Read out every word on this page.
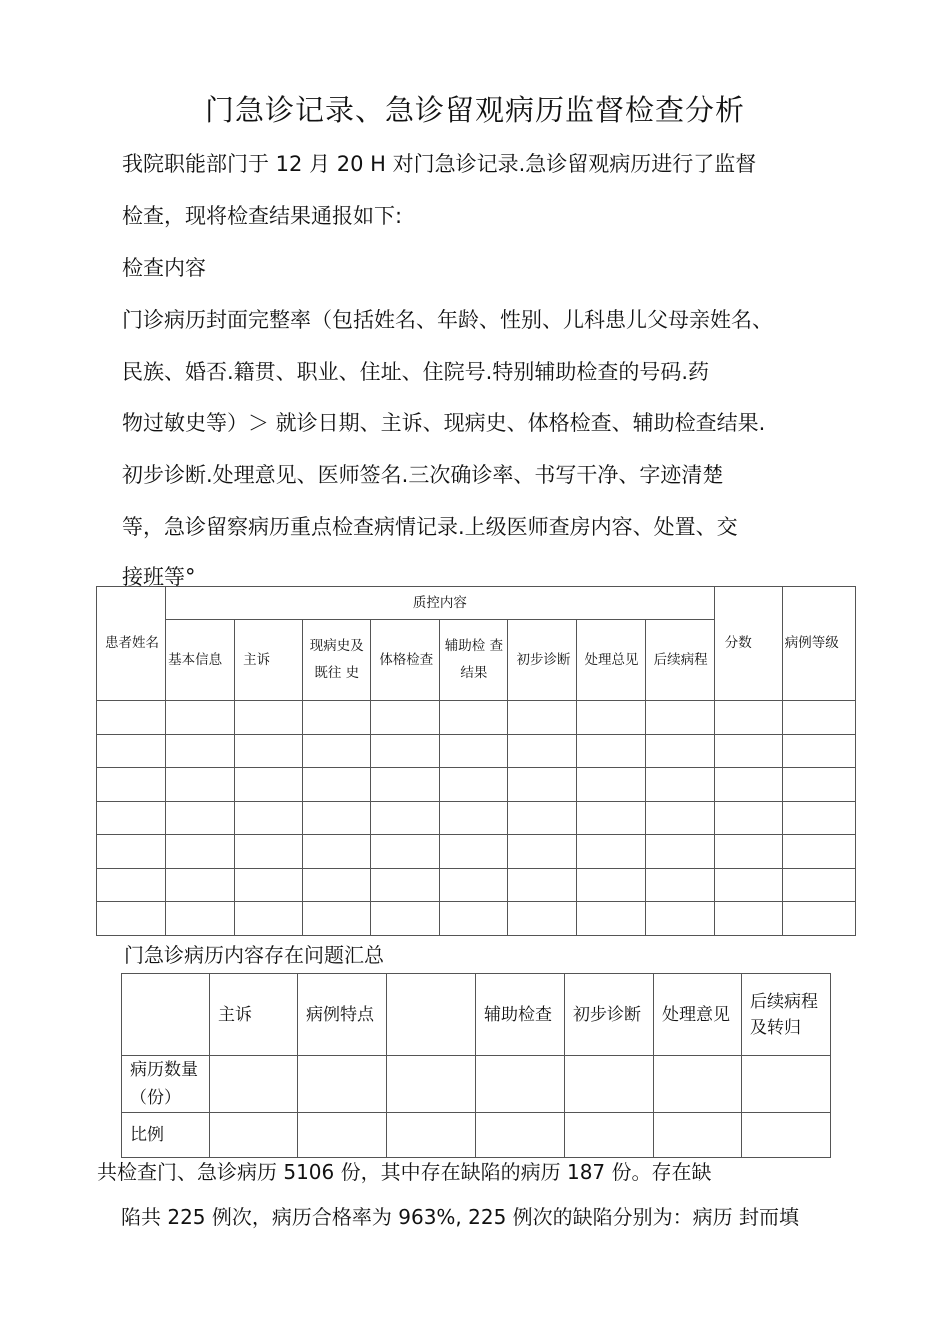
门急诊记录、急诊留观病历监督检查分析
我院职能部门于 12 月 20 H 对门急诊记录.急诊留观病历进行了监督
检查，现将检查结果通报如下:
检查内容
门诊病历封面完整率（包括姓名、年龄、性别、儿科患儿父母亲姓名、
民族、婚否.籍贯、职业、住址、住院号.特别辅助检查的号码.药
物过敏史等）＞ 就诊日期、主诉、现病史、体格检查、辅助检查结果.
初步诊断.处理意见、医师签名.三次确诊率、书写干净、字迹清楚
等，急诊留察病历重点检查病情记录.上级医师查房内容、处置、交
接班等°
患者姓名	质控内容								分数	病例等级
	基本信息	主诉	现病史及既往 史	体格检查	辅助检 查结果	初步诊断	处理总见	后续病程		

门急诊病历内容存在问题汇总
	主诉	病例特点		辅助检查	初步诊断	处理意见	后续病程及转归
病历数量（份）							
比例							
共检查门、急诊病历 5106 份，其中存在缺陷的病历 187 份。存在缺
陷共 225 例次，病历合格率为 963%, 225 例次的缺陷分别为：病历 封而填
